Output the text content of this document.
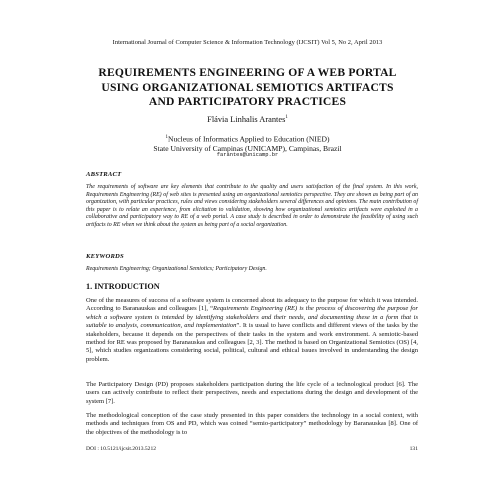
International Journal of Computer Science & Information Technology (IJCSIT) Vol 5, No 2, April 2013
REQUIREMENTS ENGINEERING OF A WEB PORTAL
USING ORGANIZATIONAL SEMIOTICS ARTIFACTS
AND PARTICIPATORY PRACTICES
Flávia Linhalis Arantes$^1$
$^1$Nucleus of Informatics Applied to Education (NIED)
State University of Campinas (UNICAMP), Campinas, Brazil
farantes@unicamp.br
ABSTRACT
The requirements of software are key elements that contribute to the quality and users satisfaction of the final system. In this work, Requirements Engineering (RE) of web sites is presented using an organizational semiotics perspective. They are shown as being part of an organization, with particular practices, rules and views considering stakeholders several differences and opinions. The main contribution of this paper is to relate an experience, from elicitation to validation, showing how organizational semiotics artifacts were exploited in a collaborative and participatory way to RE of a web portal. A case study is described in order to demonstrate the feasibility of using such artifacts to RE when we think about the system as being part of a social organization.
KEYWORDS
Requirements Engineering; Organizational Semiotics; Participatory Design.
1. INTRODUCTION
One of the measures of success of a software system is concerned about its adequacy to the purpose for which it was intended. According to Baranauskas and colleagues [1], “Requirements Engineering (RE) is the process of discovering the purpose for which a software system is intended by identifying stakeholders and their needs, and documenting these in a form that is suitable to analysis, communication, and implementation”. It is usual to have conflicts and different views of the tasks by the stakeholders, because it depends on the perspectives of their tasks in the system and work environment. A semiotic-based method for RE was proposed by Baranauskas and colleagues [2, 3]. The method is based on Organizational Semiotics (OS) [4, 5], which studies organizations considering social, political, cultural and ethical issues involved in understanding the design problem.
The Participatory Design (PD) proposes stakeholders participation during the life cycle of a technological product [6]. The users can actively contribute to reflect their perspectives, needs and expectations during the design and development of the system [7].
The methodological conception of the case study presented in this paper considers the technology in a social context, with methods and techniques from OS and PD, which was coined “semio-participatory” methodology by Baranauskas [8]. One of the objectives of the methodology is to
DOI : 10.5121/ijcsit.2013.5212	131
